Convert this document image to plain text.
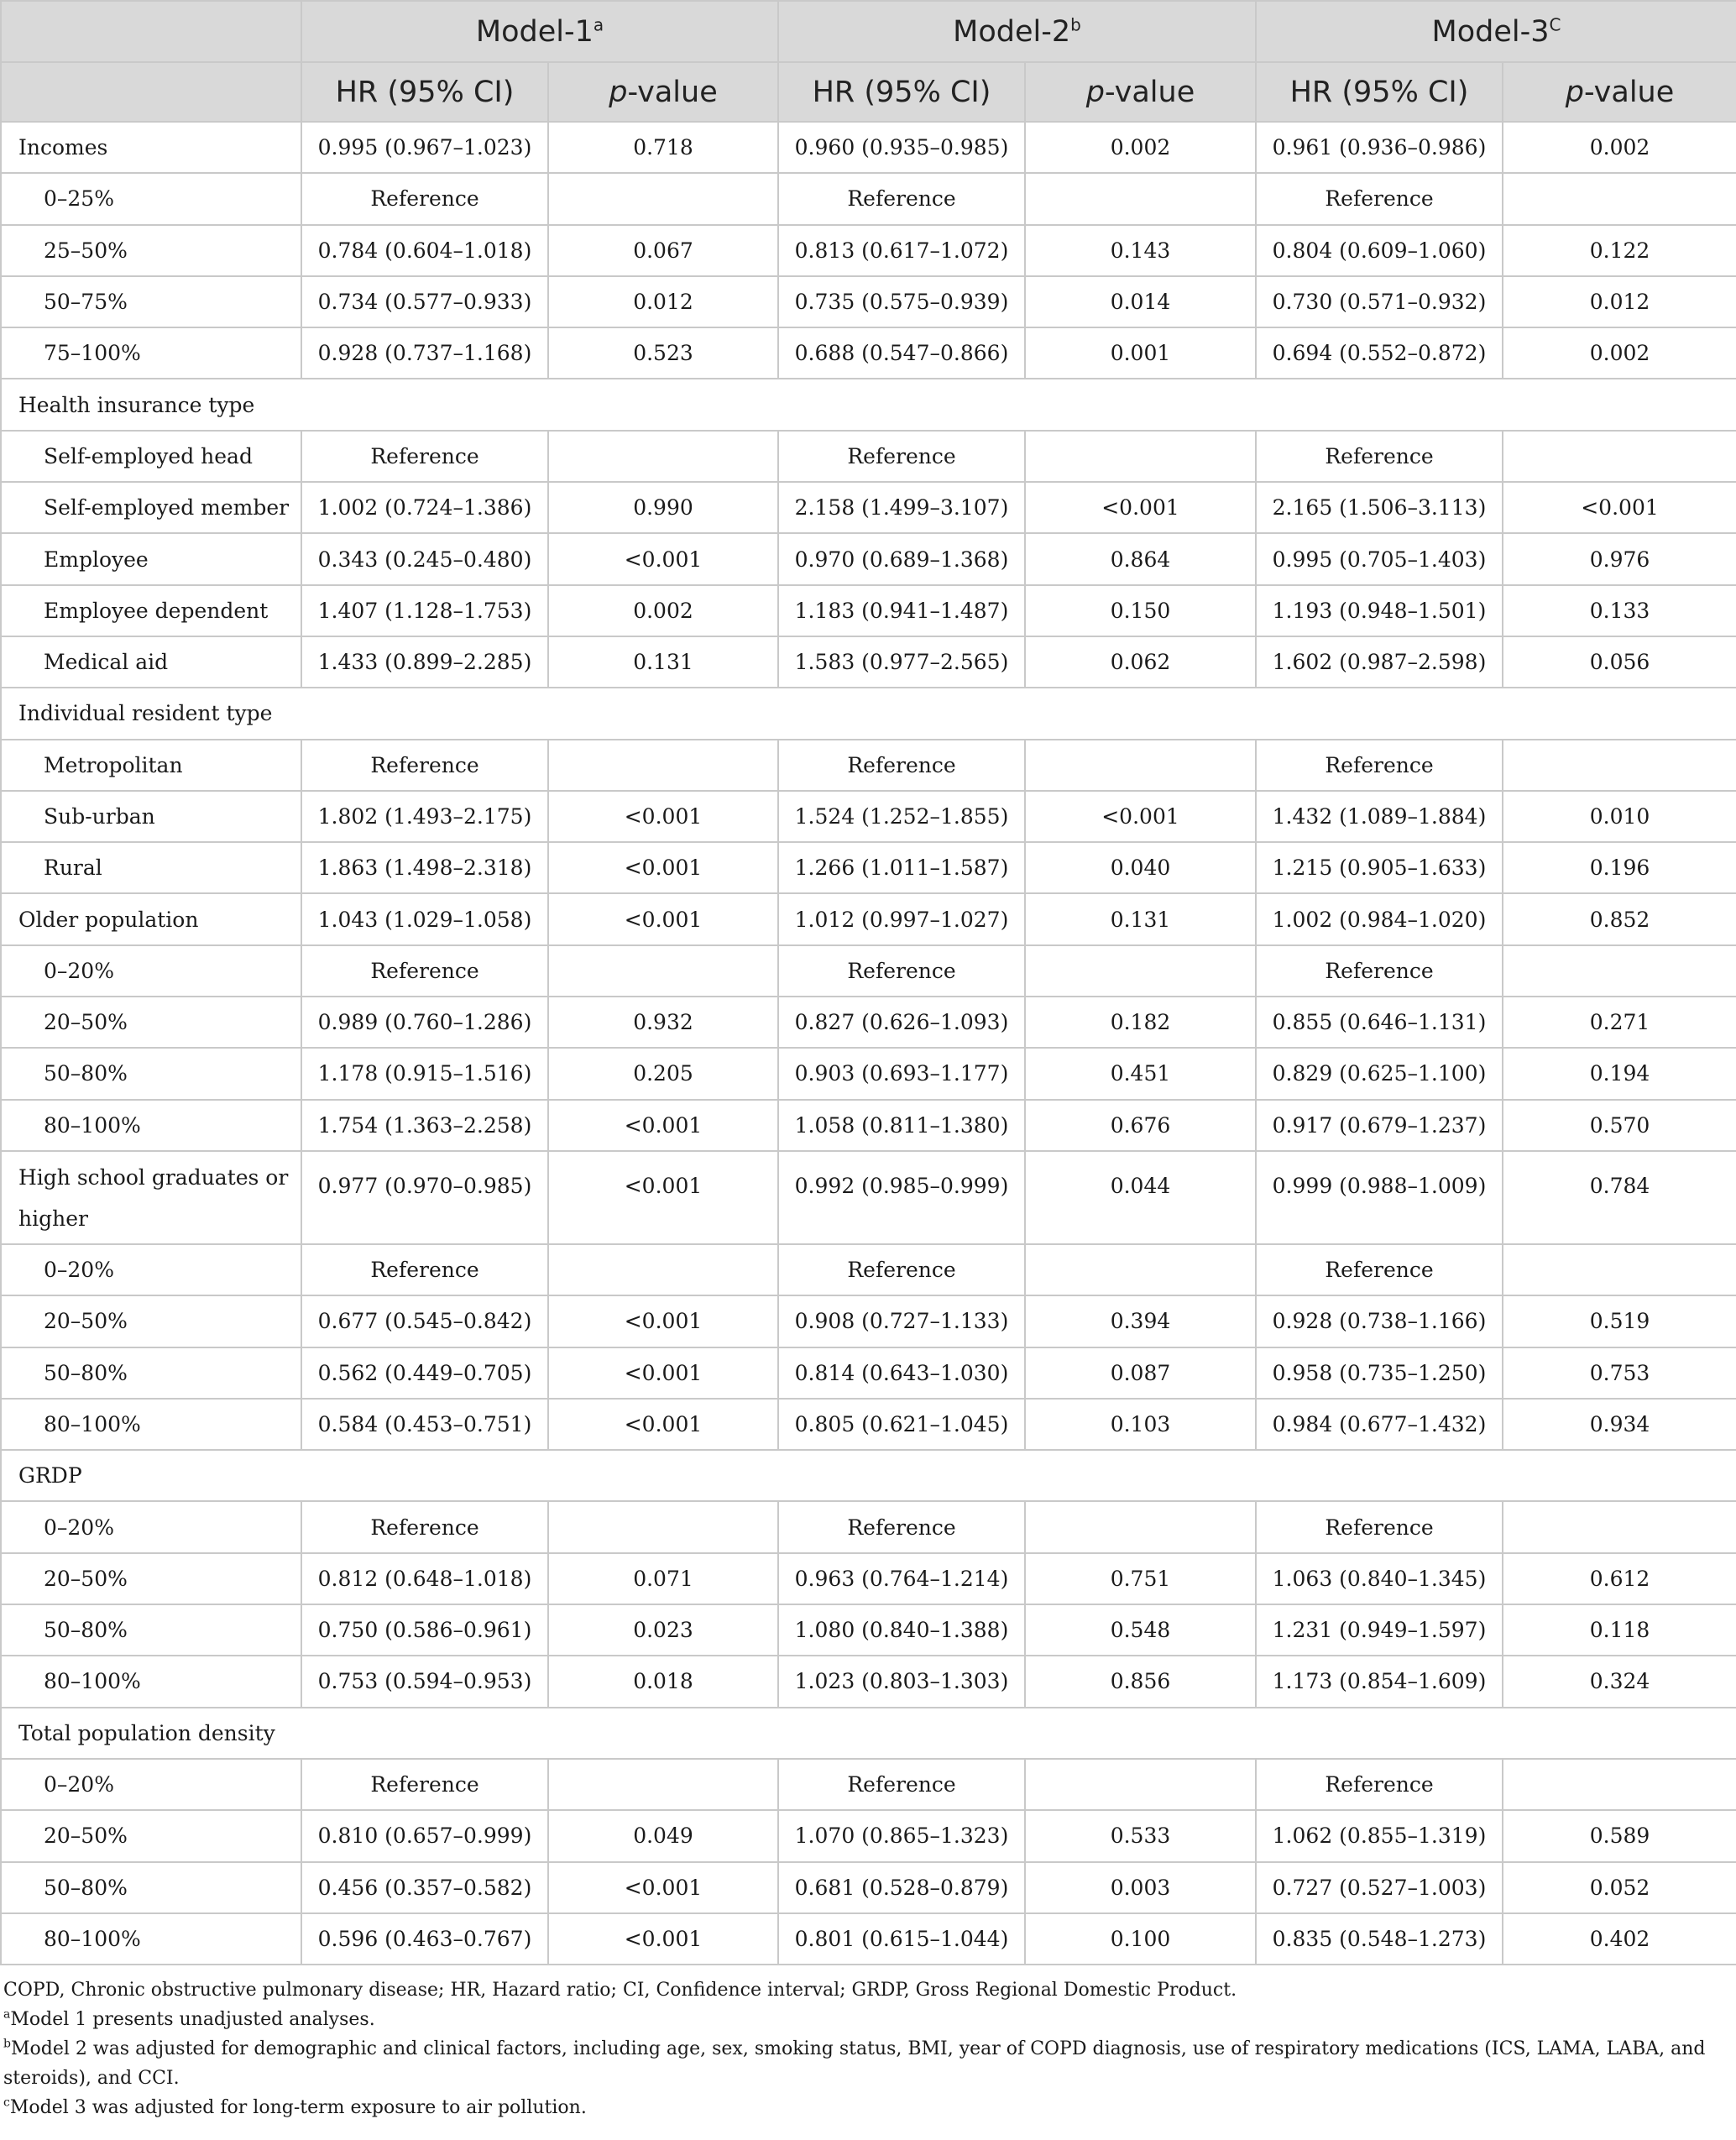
	Model-1$^a$		Model-2$^b$		Model-$3^C$
	HR (95% CI)	p-value	HR (95% CI)	p-value	HR (95% CI)	p-value
Incomes	0.995 (0.967–1.023)	0.718	0.960 (0.935–0.985)	0.002	0.961 (0.936–0.986)	0.002
0–25%	Reference		Reference		Reference	
25–50%	0.784 (0.604–1.018)	0.067	0.813 (0.617–1.072)	0.143	0.804 (0.609–1.060)	0.122
50–75%	0.734 (0.577–0.933)	0.012	0.735 (0.575–0.939)	0.014	0.730 (0.571–0.932)	0.012
75–100%	0.928 (0.737–1.168)	0.523	0.688 (0.547–0.866)	0.001	0.694 (0.552–0.872)	0.002
Health insurance type						
Self-employed head	Reference		Reference		Reference	
Self-employed member	1.002 (0.724–1.386)	0.990	2.158 (1.499–3.107)	<0.001	2.165 (1.506–3.113)	<0.001
Employee	0.343 (0.245–0.480)	<0.001	0.970 (0.689–1.368)	0.864	0.995 (0.705–1.403)	0.976
Employee dependent	1.407 (1.128–1.753)	0.002	1.183 (0.941–1.487)	0.150	1.193 (0.948–1.501)	0.133
Medical aid	1.433 (0.899–2.285)	0.131	1.583 (0.977–2.565)	0.062	1.602 (0.987–2.598)	0.056
Individual resident type						
Metropolitan	Reference		Reference		Reference	
Sub-urban	1.802 (1.493–2.175)	<0.001	1.524 (1.252–1.855)	<0.001	1.432 (1.089–1.884)	0.010
Rural	1.863 (1.498–2.318)	<0.001	1.266 (1.011–1.587)	0.040	1.215 (0.905–1.633)	0.196
Older population	1.043 (1.029–1.058)	<0.001	1.012 (0.997–1.027)	0.131	1.002 (0.984–1.020)	0.852
0–20%	Reference		Reference		Reference	
20–50%	0.989 (0.760–1.286)	0.932	0.827 (0.626–1.093)	0.182	0.855 (0.646–1.131)	0.271
50–80%	1.178 (0.915–1.516)	0.205	0.903 (0.693–1.177)	0.451	0.829 (0.625–1.100)	0.194
80–100%	1.754 (1.363–2.258)	<0.001	1.058 (0.811–1.380)	0.676	0.917 (0.679–1.237)	0.570
High school graduates or
higher	0.977 (0.970–0.985)	<0.001	0.992 (0.985–0.999)	0.044	0.999 (0.988–1.009)	0.784
0–20%	Reference		Reference		Reference	
20–50%	0.677 (0.545–0.842)	<0.001	0.908 (0.727–1.133)	0.394	0.928 (0.738–1.166)	0.519
50–80%	0.562 (0.449–0.705)	<0.001	0.814 (0.643–1.030)	0.087	0.958 (0.735–1.250)	0.753
80–100%	0.584 (0.453–0.751)	<0.001	0.805 (0.621–1.045)	0.103	0.984 (0.677–1.432)	0.934
GRDP						
0–20%	Reference		Reference		Reference	
20–50%	0.812 (0.648–1.018)	0.071	0.963 (0.764–1.214)	0.751	1.063 (0.840–1.345)	0.612
50–80%	0.750 (0.586–0.961)	0.023	1.080 (0.840–1.388)	0.548	1.231 (0.949–1.597)	0.118
80–100%	0.753 (0.594–0.953)	0.018	1.023 (0.803–1.303)	0.856	1.173 (0.854–1.609)	0.324
Total population density						
0–20%	Reference		Reference		Reference	
20–50%	0.810 (0.657–0.999)	0.049	1.070 (0.865–1.323)	0.533	1.062 (0.855–1.319)	0.589
50–80%	0.456 (0.357–0.582)	<0.001	0.681 (0.528–0.879)	0.003	0.727 (0.527–1.003)	0.052
80–100%	0.596 (0.463–0.767)	<0.001	0.801 (0.615–1.044)	0.100	0.835 (0.548–1.273)	0.402

COPD, Chronic obstructive pulmonary disease; HR, Hazard ratio; CI, Confidence interval; GRDP, Gross Regional Domestic Product.

$^a$Model 1 presents unadjusted analyses.

$^b$Model 2 was adjusted for demographic and clinical factors, including age, sex, smoking status, BMI, year of COPD diagnosis, use of respiratory medications (ICS, LAMA, LABA, and steroids), and CCI.

$^c$Model 3 was adjusted for long-term exposure to air pollution.
